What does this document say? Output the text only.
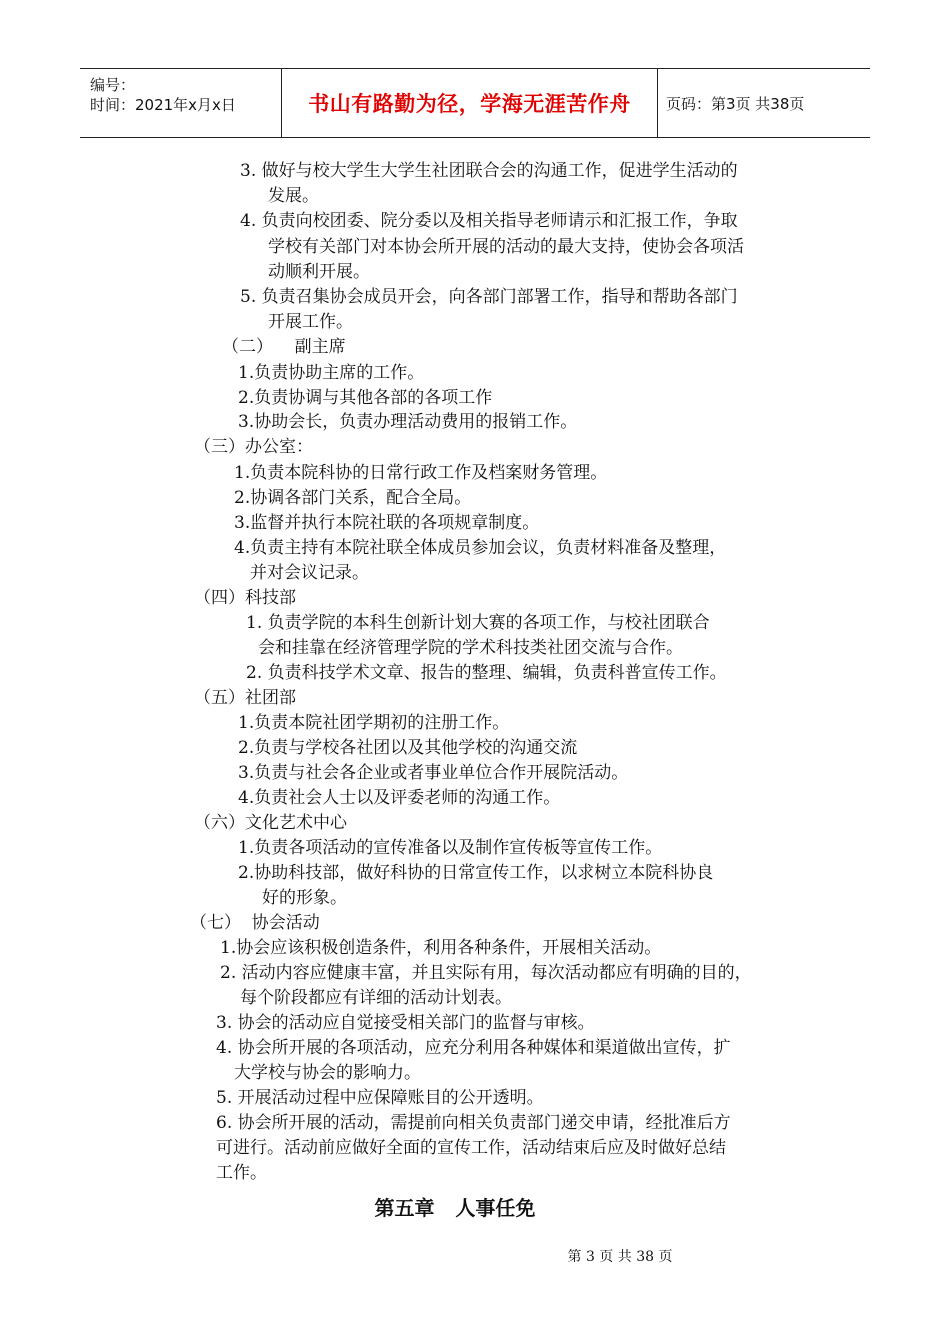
编号：
时间：2021年x月x日	书山有路勤为径，学海无涯苦作舟 页码：第3页 共38页
3. 做好与校大学生大学生社团联合会的沟通工作，促进学生活动的
发展。
4. 负责向校团委、院分委以及相关指导老师请示和汇报工作，争取
学校有关部门对本协会所开展的活动的最大支持，使协会各项活
动顺利开展。
5. 负责召集协会成员开会，向各部门部署工作，指导和帮助各部门
开展工作。
（二）    副主席
1.负责协助主席的工作。
2.负责协调与其他各部的各项工作
3.协助会长，负责办理活动费用的报销工作。
（三）办公室：
1.负责本院科协的日常行政工作及档案财务管理。
2.协调各部门关系，配合全局。
3.监督并执行本院社联的各项规章制度。
4.负责主持有本院社联全体成员参加会议，负责材料准备及整理，
并对会议记录。
（四）科技部
1. 负责学院的本科生创新计划大赛的各项工作，与校社团联合
会和挂靠在经济管理学院的学术科技类社团交流与合作。
2. 负责科技学术文章、报告的整理、编辑，负责科普宣传工作。
（五）社团部
1.负责本院社团学期初的注册工作。
2.负责与学校各社团以及其他学校的沟通交流
3.负责与社会各企业或者事业单位合作开展院活动。
4.负责社会人士以及评委老师的沟通工作。
（六）文化艺术中心
1.负责各项活动的宣传准备以及制作宣传板等宣传工作。
2.协助科技部，做好科协的日常宣传工作，以求树立本院科协良
好的形象。
（七）  协会活动
1.协会应该积极创造条件，利用各种条件，开展相关活动。
2. 活动内容应健康丰富，并且实际有用，每次活动都应有明确的目的，
每个阶段都应有详细的活动计划表。
3. 协会的活动应自觉接受相关部门的监督与审核。
4. 协会所开展的各项活动，应充分利用各种媒体和渠道做出宣传，扩
大学校与协会的影响力。
5. 开展活动过程中应保障账目的公开透明。
6. 协会所开展的活动，需提前向相关负责部门递交申请，经批准后方
可进行。活动前应做好全面的宣传工作，活动结束后应及时做好总结
工作。
第五章   人事任免
第 3 页 共 38 页
